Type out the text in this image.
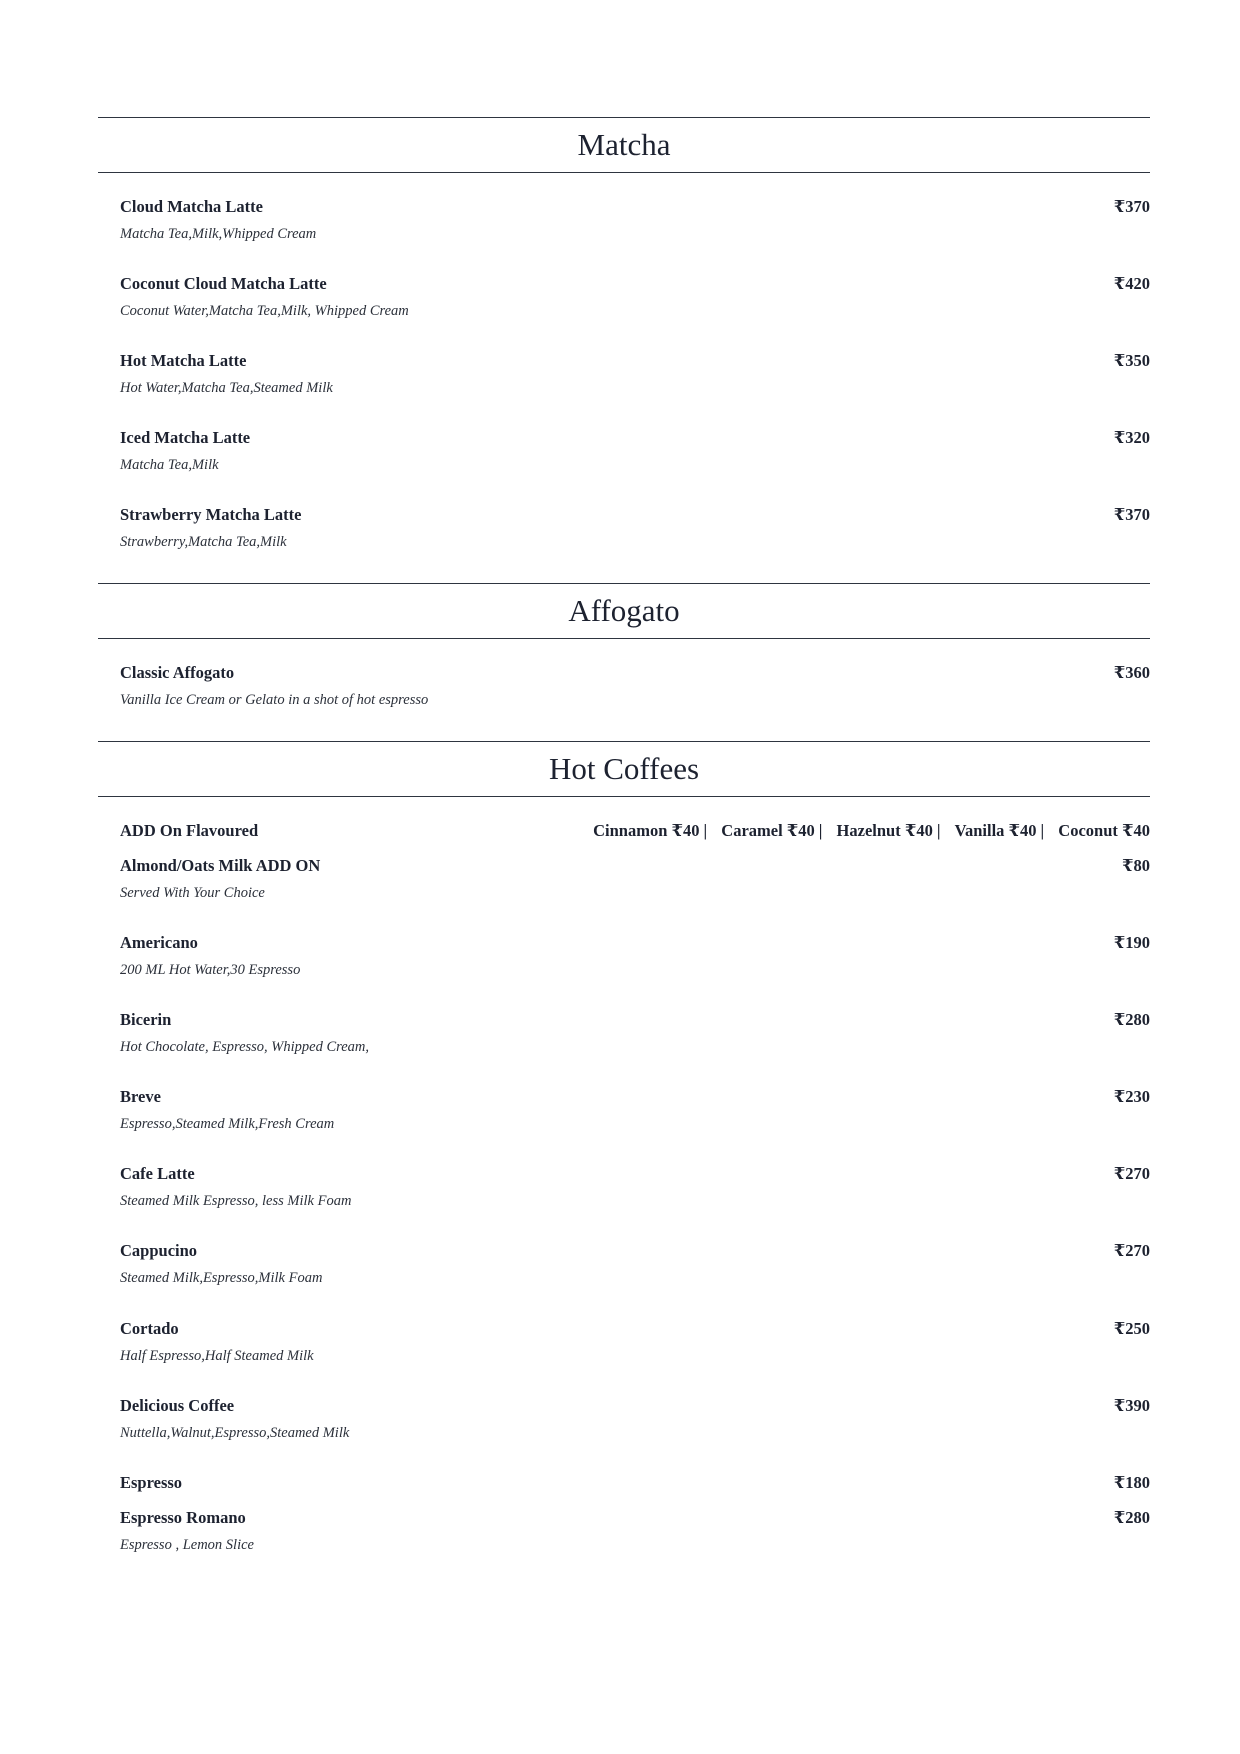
Matcha
Cloud Matcha Latte	₹370
Matcha Tea,Milk,Whipped Cream
Coconut Cloud Matcha Latte	₹420
Coconut Water,Matcha Tea,Milk, Whipped Cream
Hot Matcha Latte	₹350
Hot Water,Matcha Tea,Steamed Milk
Iced Matcha Latte	₹320
Matcha Tea,Milk
Strawberry Matcha Latte	₹370
Strawberry,Matcha Tea,Milk
Affogato
Classic Affogato	₹360
Vanilla Ice Cream or Gelato in a shot of hot espresso
Hot Coffees
ADD On Flavoured	Cinnamon ₹40 | Caramel ₹40 | Hazelnut ₹40 | Vanilla ₹40 | Coconut ₹40
Almond/Oats Milk ADD ON	₹80
Served With Your Choice
Americano	₹190
200 ML Hot Water,30 Espresso
Bicerin	₹280
Hot Chocolate, Espresso, Whipped Cream,
Breve	₹230
Espresso,Steamed Milk,Fresh Cream
Cafe Latte	₹270
Steamed Milk Espresso, less Milk Foam
Cappucino	₹270
Steamed Milk,Espresso,Milk Foam
Cortado	₹250
Half Espresso,Half Steamed Milk
Delicious Coffee	₹390
Nuttella,Walnut,Espresso,Steamed Milk
Espresso	₹180
Espresso Romano	₹280
Espresso , Lemon Slice
